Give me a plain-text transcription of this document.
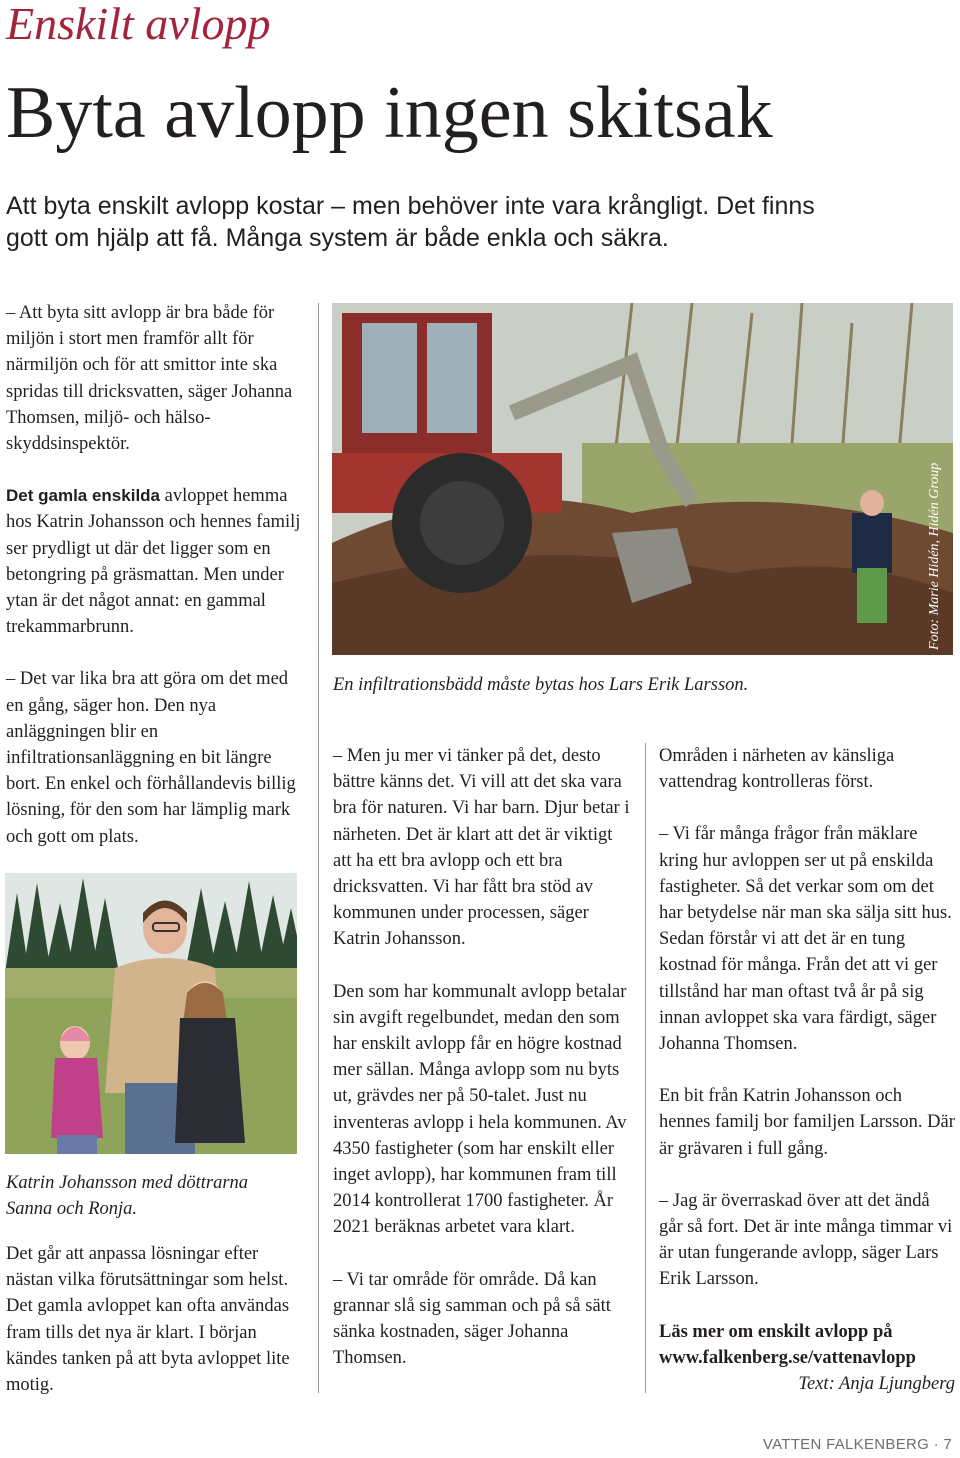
Enskilt avlopp
Byta avlopp ingen skitsak
Att byta enskilt avlopp kostar – men behöver inte vara krångligt. Det finns gott om hjälp att få. Många system är både enkla och säkra.

– Att byta sitt avlopp är bra både för miljön i stort men framför allt för närmiljön och för att smittor inte ska spridas till dricksvatten, säger Johanna Thomsen, miljö- och hälsoskyddsinspektör.

Det gamla enskilda avloppet hemma hos Katrin Johansson och hennes familj ser prydligt ut där det ligger som en betongring på gräsmattan. Men under ytan är det något annat: en gammal trekammarbrunn.

– Det var lika bra att göra om det med en gång, säger hon. Den nya anläggningen blir en infiltrationsanläggning en bit längre bort. En enkel och förhållandevis billig lösning, för den som har lämplig mark och gott om plats.

Katrin Johansson med döttrarna Sanna och Ronja.

Det går att anpassa lösningar efter nästan vilka förutsättningar som helst. Det gamla avloppet kan ofta användas fram tills det nya är klart. I början kändes tanken på att byta avloppet lite motig.

Foto: Marie Hidén, Hidén Group
En infiltrationsbädd måste bytas hos Lars Erik Larsson.

– Men ju mer vi tänker på det, desto bättre känns det. Vi vill att det ska vara bra för naturen. Vi har barn. Djur betar i närheten. Det är klart att det är viktigt att ha ett bra avlopp och ett bra dricksvatten. Vi har fått bra stöd av kommunen under processen, säger Katrin Johansson.

Den som har kommunalt avlopp betalar sin avgift regelbundet, medan den som har enskilt avlopp får en högre kostnad mer sällan. Många avlopp som nu byts ut, grävdes ner på 50-talet. Just nu inventeras avlopp i hela kommunen. Av 4350 fastigheter (som har enskilt eller inget avlopp), har kommunen fram till 2014 kontrollerat 1700 fastigheter. År 2021 beräknas arbetet vara klart.

– Vi tar område för område. Då kan grannar slå sig samman och på så sätt sänka kostnaden, säger Johanna Thomsen.

Områden i närheten av känsliga vattendrag kontrolleras först.

– Vi får många frågor från mäklare kring hur avloppen ser ut på enskilda fastigheter. Så det verkar som om det har betydelse när man ska sälja sitt hus. Sedan förstår vi att det är en tung kostnad för många. Från det att vi ger tillstånd har man oftast två år på sig innan avloppet ska vara färdigt, säger Johanna Thomsen.

En bit från Katrin Johansson och hennes familj bor familjen Larsson. Där är grävaren i full gång.

– Jag är överraskad över att det ändå går så fort. Det är inte många timmar vi är utan fungerande avlopp, säger Lars Erik Larsson.

Läs mer om enskilt avlopp på www.falkenberg.se/vattenavlopp

Text: Anja Ljungberg
VATTEN FALKENBERG · 7
